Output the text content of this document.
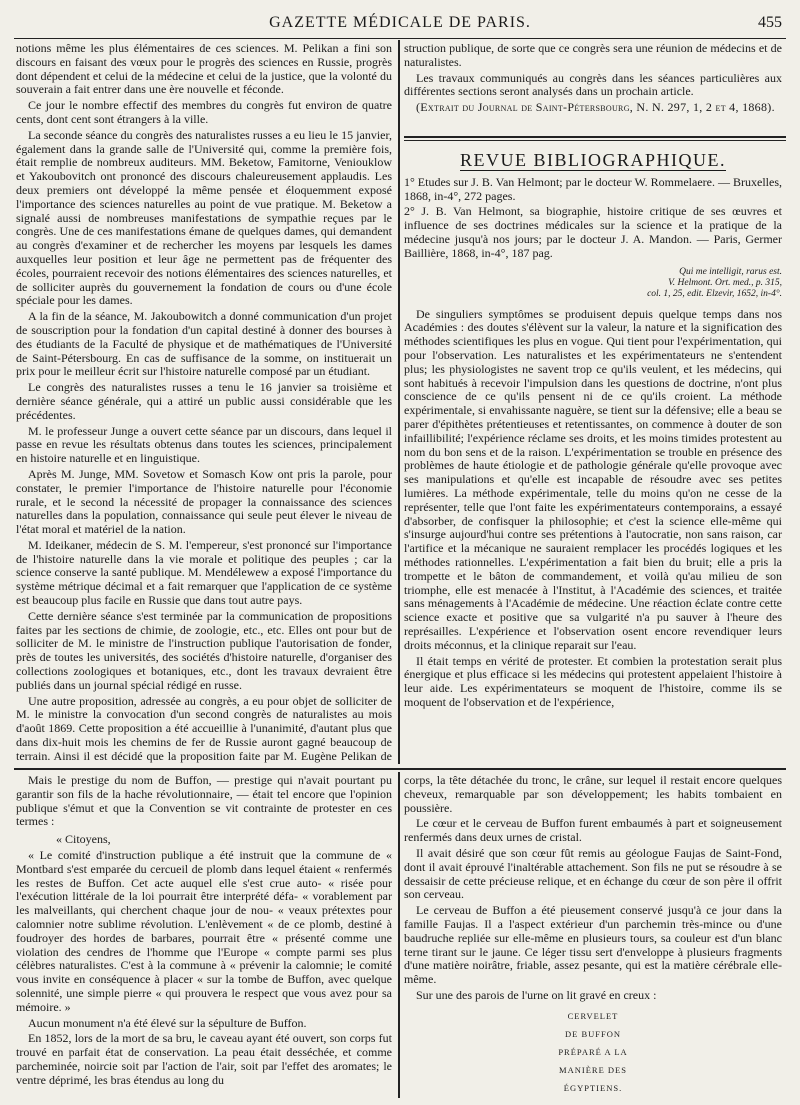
GAZETTE MÉDICALE DE PARIS.	455

notions même les plus élémentaires de ces sciences. M. Pelikan a fini son discours en faisant des vœux pour le progrès des sciences en Russie, progrès dont dépendent et celui de la médecine et celui de la justice, que la volonté du souverain a fait entrer dans une ère nouvelle et féconde.

Ce jour le nombre effectif des membres du congrès fut environ de quatre cents, dont cent sont étrangers à la ville.

La seconde séance du congrès des naturalistes russes a eu lieu le 15 janvier, également dans la grande salle de l'Université qui, comme la première fois, était remplie de nombreux auditeurs. MM. Beketow, Famitorne, Veniouklow et Yakoubovitch ont prononcé des discours chaleureusement applaudis. Les deux premiers ont développé la même pensée et éloquemment exposé l'importance des sciences naturelles au point de vue pratique. M. Beketow a signalé aussi de nombreuses manifestations de sympathie reçues par le congrès. Une de ces manifestations émane de quelques dames, qui demandent au congrès d'examiner et de rechercher les moyens par lesquels les dames auxquelles leur position et leur âge ne permettent pas de fréquenter des écoles, pourraient recevoir des notions élémentaires des sciences naturelles, et de solliciter auprès du gouvernement la fondation de cours ou d'une école spéciale pour les dames.

A la fin de la séance, M. Jakoubowitch a donné communication d'un projet de souscription pour la fondation d'un capital destiné à donner des bourses à des étudiants de la Faculté de physique et de mathématiques de l'Université de Saint-Pétersbourg. En cas de suffisance de la somme, on instituerait un prix pour le meilleur écrit sur l'histoire naturelle composé par un étudiant.

Le congrès des naturalistes russes a tenu le 16 janvier sa troisième et dernière séance générale, qui a attiré un public aussi considérable que les précédentes.

M. le professeur Junge a ouvert cette séance par un discours, dans lequel il passe en revue les résultats obtenus dans toutes les sciences, principalement en histoire naturelle et en linguistique.

Après M. Junge, MM. Sovetow et Somasch Kow ont pris la parole, pour constater, le premier l'importance de l'histoire naturelle pour l'économie rurale, et le second la nécessité de propager la connaissance des sciences naturelles dans la population, connaissance qui seule peut élever le niveau de l'état moral et matériel de la nation.

M. Ideikaner, médecin de S. M. l'empereur, s'est prononcé sur l'importance de l'histoire naturelle dans la vie morale et politique des peuples ; car la science conserve la santé publique. M. Mendélewew a exposé l'importance du système métrique décimal et a fait remarquer que l'application de ce système est beaucoup plus facile en Russie que dans tout autre pays.

Cette dernière séance s'est terminée par la communication de propositions faites par les sections de chimie, de zoologie, etc., etc. Elles ont pour but de solliciter de M. le ministre de l'instruction publique l'autorisation de fonder, près de toutes les universités, des sociétés d'histoire naturelle, d'organiser des collections zoologiques et botaniques, etc., dont les travaux devraient être publiés dans un journal spécial rédigé en russe.

Une autre proposition, adressée au congrès, a eu pour objet de solliciter de M. le ministre la convocation d'un second congrès de naturalistes au mois d'août 1869. Cette proposition a été accueillie à l'unanimité, d'autant plus que dans dix-huit mois les chemins de fer de Russie auront gagné beaucoup de terrain. Ainsi il est décidé que la proposition faite par M. Eugène Pelikan de

struction publique, de sorte que ce congrès sera une réunion de médecins et de naturalistes.

Les travaux communiqués au congrès dans les séances particulières aux différentes sections seront analysés dans un prochain article.

(Extrait du Journal de Saint-Pétersbourg, N. N. 297, 1, 2 et 4, 1868).

REVUE BIBLIOGRAPHIQUE.

1° Etudes sur J. B. Van Helmont; par le docteur W. Rommelaere. — Bruxelles, 1868, in-4°, 272 pages.

2° J. B. Van Helmont, sa biographie, histoire critique de ses œuvres et influence de ses doctrines médicales sur la science et la pratique de la médecine jusqu'à nos jours; par le docteur J. A. Mandon. — Paris, Germer Baillière, 1868, in-4°, 187 pag.

Qui me intelligit, rarus est.
V. Helmont. Ort. med., p. 315,
col. 1, 25, edit. Elzevir, 1652, in-4°.

De singuliers symptômes se produisent depuis quelque temps dans nos Académies : des doutes s'élèvent sur la valeur, la nature et la signification des méthodes scientifiques les plus en vogue. Qui tient pour l'expérimentation, qui pour l'observation. Les naturalistes et les expérimentateurs ne s'entendent plus; les physiologistes ne savent trop ce qu'ils veulent, et les médecins, qui sont habitués à recevoir l'impulsion dans les questions de doctrine, n'ont plus conscience de ce qu'ils pensent ni de ce qu'ils croient. La méthode expérimentale, si envahissante naguère, se tient sur la défensive; elle a beau se parer d'épithètes prétentieuses et retentissantes, on commence à douter de son infaillibilité; l'expérience réclame ses droits, et les moins timides protestent au nom du bon sens et de la raison. L'expérimentation se trouble en présence des problèmes de haute étiologie et de pathologie générale qu'elle provoque avec ses manipulations et qu'elle est incapable de résoudre avec ses petites lumières. La méthode expérimentale, telle du moins qu'on ne cesse de la représenter, telle que l'ont faite les expérimentateurs contemporains, a essayé d'absorber, de confisquer la philosophie; et c'est la science elle-même qui s'insurge aujourd'hui contre ses prétentions à l'autocratie, non sans raison, car l'artifice et la mécanique ne sauraient remplacer les procédés logiques et les méthodes rationnelles. L'expérimentation a fait bien du bruit; elle a pris la trompette et le bâton de commandement, et voilà qu'au milieu de son triomphe, elle est menacée à l'Institut, à l'Académie des sciences, et traitée sans ménagements à l'Académie de médecine. Une réaction éclate contre cette science exacte et positive que sa vulgarité n'a pu sauver à l'heure des représailles. L'expérience et l'observation osent encore revendiquer leurs droits méconnus, et la clinique reparait sur l'eau.

Il était temps en vérité de protester. Et combien la protestation serait plus énergique et plus efficace si les médecins qui protestent appelaient l'histoire à leur aide. Les expérimentateurs se moquent de l'histoire, comme ils se moquent de l'observation et de l'expérience,

Mais le prestige du nom de Buffon, — prestige qui n'avait pourtant pu garantir son fils de la hache révolutionnaire, — était tel encore que l'opinion publique s'émut et que la Convention se vit contrainte de protester en ces termes :

« Citoyens,

« Le comité d'instruction publique a été instruit que la commune de « Montbard s'est emparée du cercueil de plomb dans lequel étaient « renfermés les restes de Buffon. Cet acte auquel elle s'est crue auto- « risée pour l'exécution littérale de la loi pourrait être interprété défa- « vorablement par les malveillants, qui cherchent chaque jour de nou- « veaux prétextes pour calomnier notre sublime révolution. L'enlèvement « de ce plomb, destiné à foudroyer des hordes de barbares, pourrait être « présenté comme une violation des cendres de l'homme que l'Europe « compte parmi ses plus célèbres naturalistes. C'est à la commune à « prévenir la calomnie; le comité vous invite en conséquence à placer « sur la tombe de Buffon, avec quelque solennité, une simple pierre « qui prouvera le respect que vous avez pour sa mémoire. »

Aucun monument n'a été élevé sur la sépulture de Buffon.

En 1852, lors de la mort de sa bru, le caveau ayant été ouvert, son corps fut trouvé en parfait état de conservation. La peau était desséchée, et comme parcheminée, noircie soit par l'action de l'air, soit par l'effet des aromates; le ventre déprimé, les bras étendus au long du

corps, la tête détachée du tronc, le crâne, sur lequel il restait encore quelques cheveux, remarquable par son développement; les habits tombaient en poussière.

Le cœur et le cerveau de Buffon furent embaumés à part et soigneusement renfermés dans deux urnes de cristal.

Il avait désiré que son cœur fût remis au géologue Faujas de Saint-Fond, dont il avait éprouvé l'inaltérable attachement. Son fils ne put se résoudre à se dessaisir de cette précieuse relique, et en échange du cœur de son père il offrit son cerveau.

Le cerveau de Buffon a été pieusement conservé jusqu'à ce jour dans la famille Faujas. Il a l'aspect extérieur d'un parchemin très-mince ou d'une baudruche repliée sur elle-même en plusieurs tours, sa couleur est d'un blanc terne tirant sur le jaune. Ce léger tissu sert d'enveloppe à plusieurs fragments d'une matière noirâtre, friable, assez pesante, qui est la matière cérébrale elle-même.

Sur une des parois de l'urne on lit gravé en creux :

CERVELET
DE BUFFON
PRÉPARÉ A LA
MANIÈRE DES
ÉGYPTIENS.
